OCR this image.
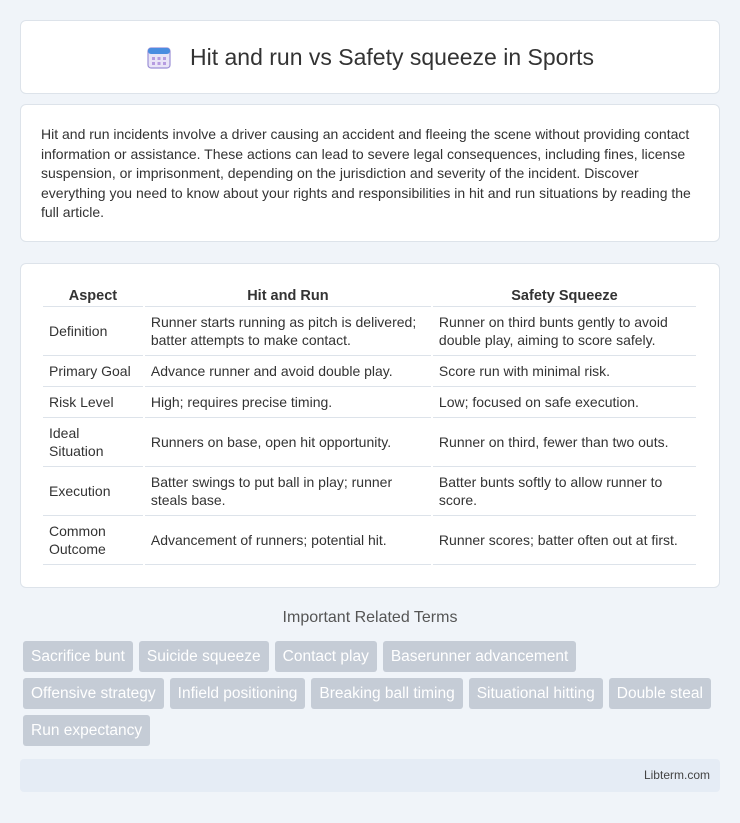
Hit and run vs Safety squeeze in Sports

Hit and run incidents involve a driver causing an accident and fleeing the scene without providing contact information or assistance. These actions can lead to severe legal consequences, including fines, license suspension, or imprisonment, depending on the jurisdiction and severity of the incident. Discover everything you need to know about your rights and responsibilities in hit and run situations by reading the full article.

Aspect	Hit and Run	Safety Squeeze
Definition	Runner starts running as pitch is delivered; batter attempts to make contact.	Runner on third bunts gently to avoid double play, aiming to score safely.
Primary Goal	Advance runner and avoid double play.	Score run with minimal risk.
Risk Level	High; requires precise timing.	Low; focused on safe execution.
Ideal Situation	Runners on base, open hit opportunity.	Runner on third, fewer than two outs.
Execution	Batter swings to put ball in play; runner steals base.	Batter bunts softly to allow runner to score.
Common Outcome	Advancement of runners; potential hit.	Runner scores; batter often out at first.
Important Related Terms
Sacrifice bunt	Suicide squeeze	Contact play	Baserunner advancement
Offensive strategy	Infield positioning	Breaking ball timing	Situational hitting	Double steal
Run expectancy
Libterm.com
